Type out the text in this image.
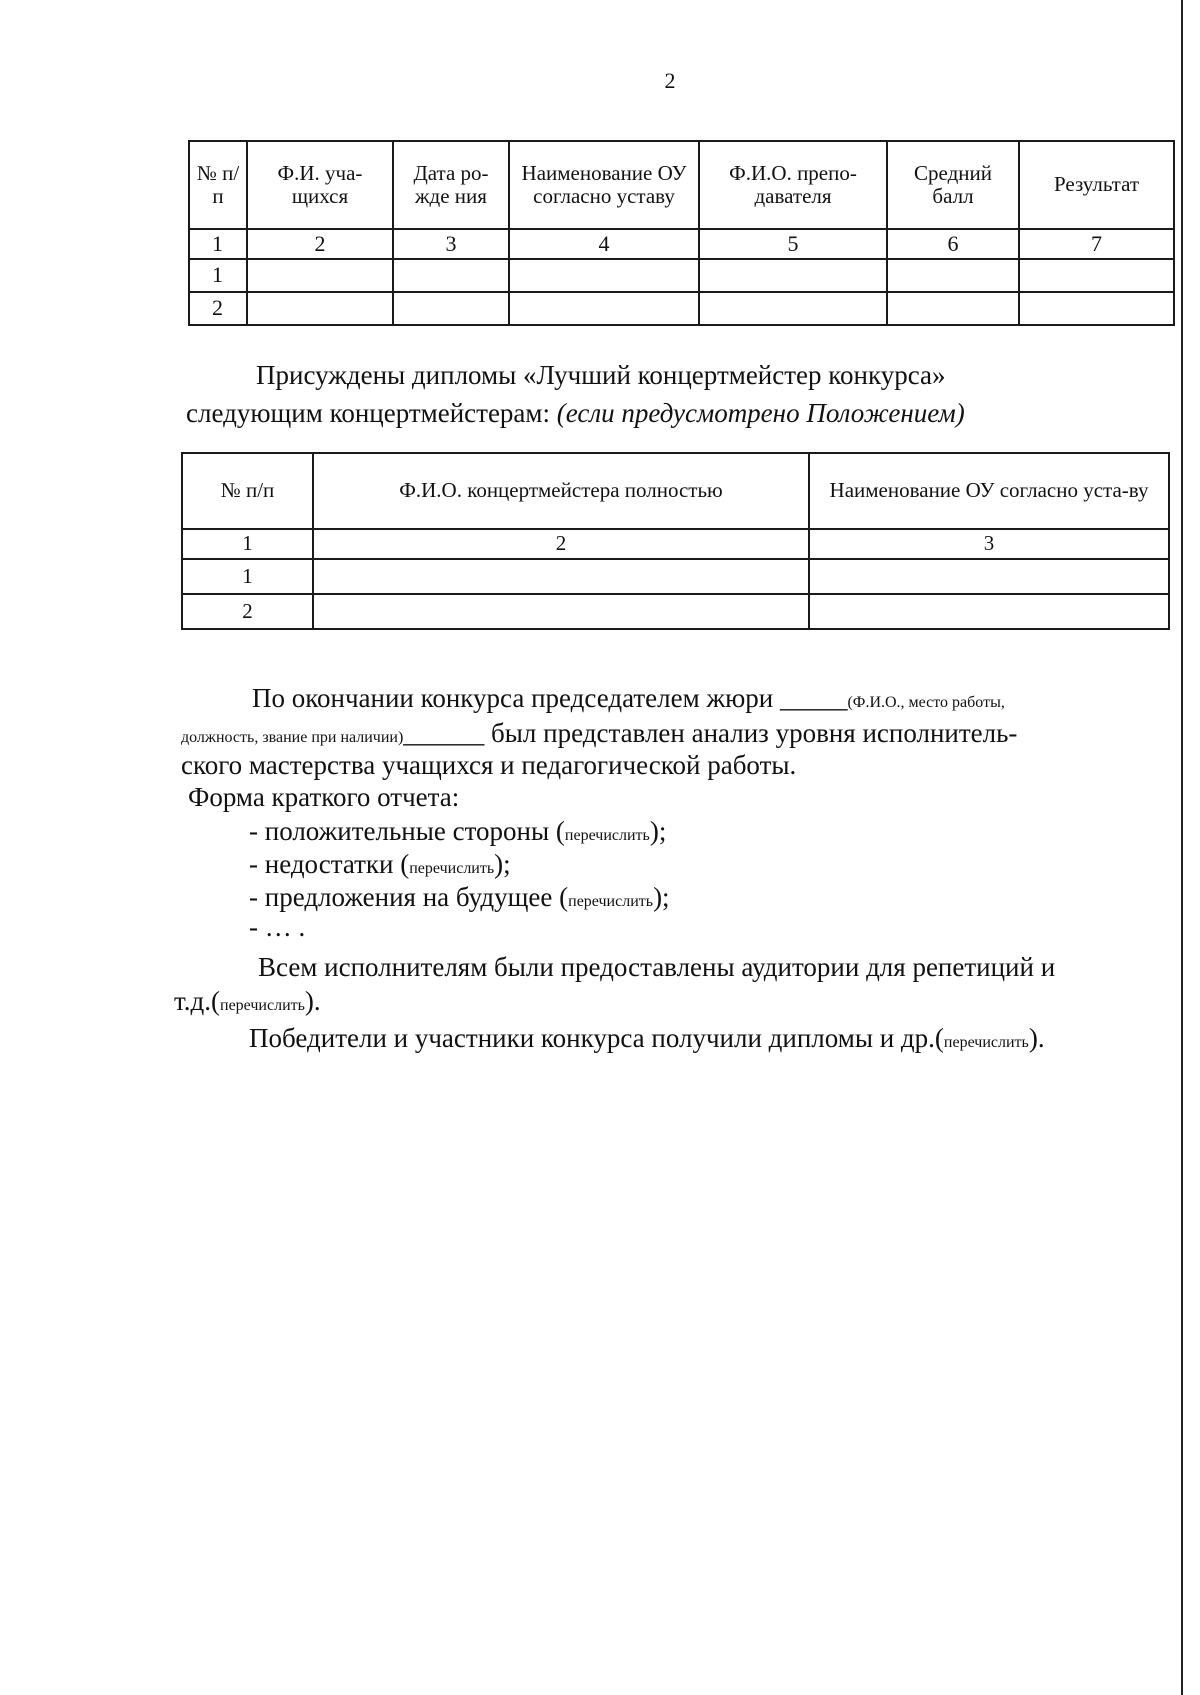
2
№ п/п	Ф.И. уча-щихся	Дата ро-жде ния	Наименование ОУ согласно уставу	Ф.И.О. препо-давателя	Средний балл	Результат
1	2	3	4	5	6	7
1						
2						
Присуждены дипломы «Лучший концертмейстер конкурса»
следующим концертмейстерам: (если предусмотрено Положением)
№ п/п	Ф.И.О. концертмейстера полностью	Наименование ОУ согласно уста-ву
1	2	3
1		
2		
По окончании конкурса председателем жюри _____(Ф.И.О., место работы,
должность, звание при наличии)______ был представлен анализ уровня исполнитель-
ского мастерства учащихся и педагогической работы.
Форма краткого отчета:
- положительные стороны (перечислить);
- недостатки (перечислить);
- предложения на будущее (перечислить);
- … .
Всем исполнителям были предоставлены аудитории для репетиций и
т.д.(перечислить).
Победители и участники конкурса получили дипломы и др.(перечислить).
